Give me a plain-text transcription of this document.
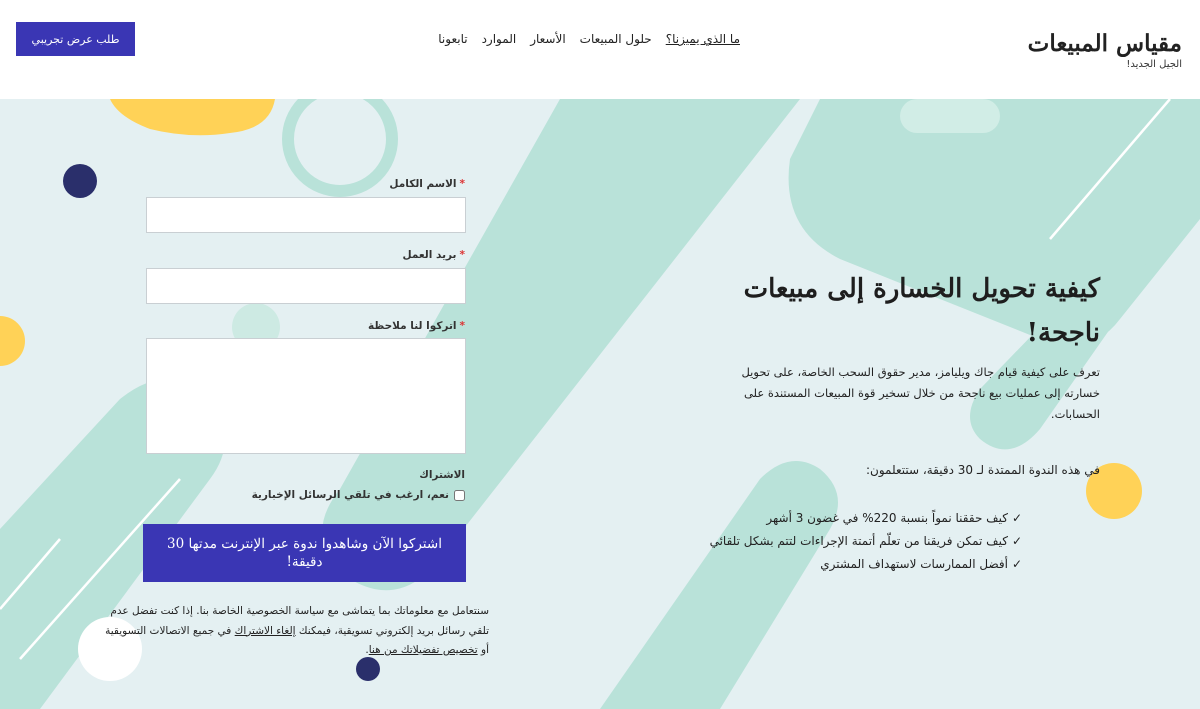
مقياس المبيعات
الجيل الجديد!
ما الذي يميزنا؟
حلول المبيعات
الأسعار
الموارد
تابعونا
طلب عرض تجريبي
كيفية تحويل الخسارة إلى مبيعات ناجحة!

تعرف على كيفية قيام جاك ويليامز، مدير حقوق السحب الخاصة، على تحويل خسارته إلى عمليات بيع ناجحة من خلال تسخير قوة المبيعات المستندة على الحسابات.

في هذه الندوة الممتدة لـ 30 دقيقة، ستتعلمون:

✓كيف حققنا نمواً بنسبة 220% في غضون 3 أشهر
✓كيف تمكن فريقنا من تعلّم أتمتة الإجراءات لتتم بشكل تلقائي
✓أفضل الممارسات لاستهداف المشتري
*الاسم الكامل
*بريد العمل
*اتركوا لنا ملاحظة
الاشتراك
نعم، ارغب في تلقي الرسائل الإخبارية
اشتركوا الآن وشاهدوا ندوة عبر الإنترنت مدتها 30 دقيقة!

سنتعامل مع معلوماتك بما يتماشى مع سياسة الخصوصية الخاصة بنا. إذا كنت تفضل عدم تلقي رسائل بريد إلكتروني تسويقية، فيمكنك إلغاء الاشتراك في جميع الاتصالات التسويقية أو تخصيص تفضيلاتك من هنا.
